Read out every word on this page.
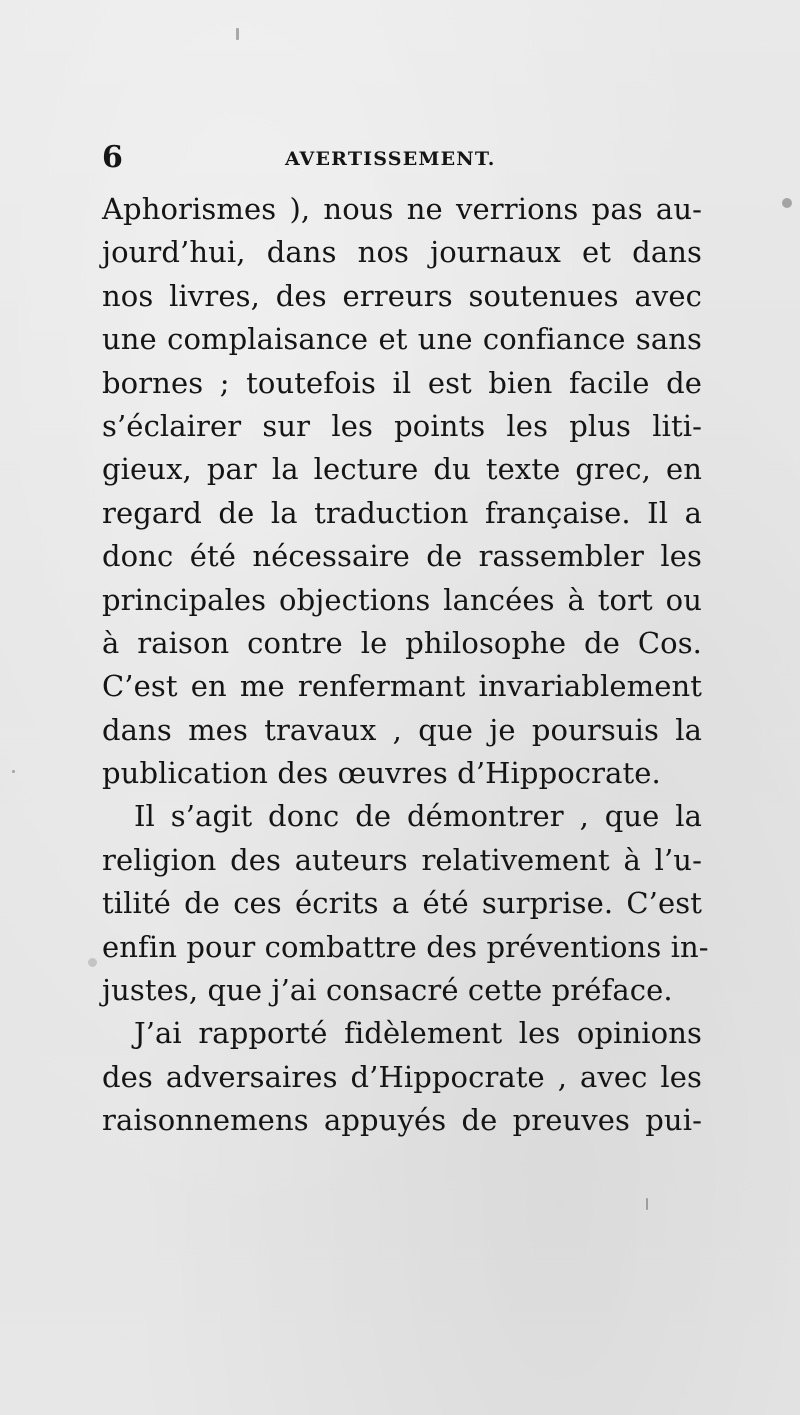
6	AVERTISSEMENT.
Aphorismes ), nous ne verrions pas au-
jourd’hui, dans nos journaux et dans
nos livres, des erreurs soutenues avec
une complaisance et une confiance sans
bornes ; toutefois il est bien facile de
s’éclairer sur les points les plus liti-
gieux, par la lecture du texte grec, en
regard de la traduction française. Il a
donc été nécessaire de rassembler les
principales objections lancées à tort ou
à raison contre le philosophe de Cos.
C’est en me renfermant invariablement
dans mes travaux , que je poursuis la
publication des œuvres d’Hippocrate.
Il s’agit donc de démontrer , que la
religion des auteurs relativement à l’u-
tilité de ces écrits a été surprise. C’est
enfin pour combattre des préventions in-
justes, que j’ai consacré cette préface.
J’ai rapporté fidèlement les opinions
des adversaires d’Hippocrate , avec les
raisonnemens appuyés de preuves pui-
